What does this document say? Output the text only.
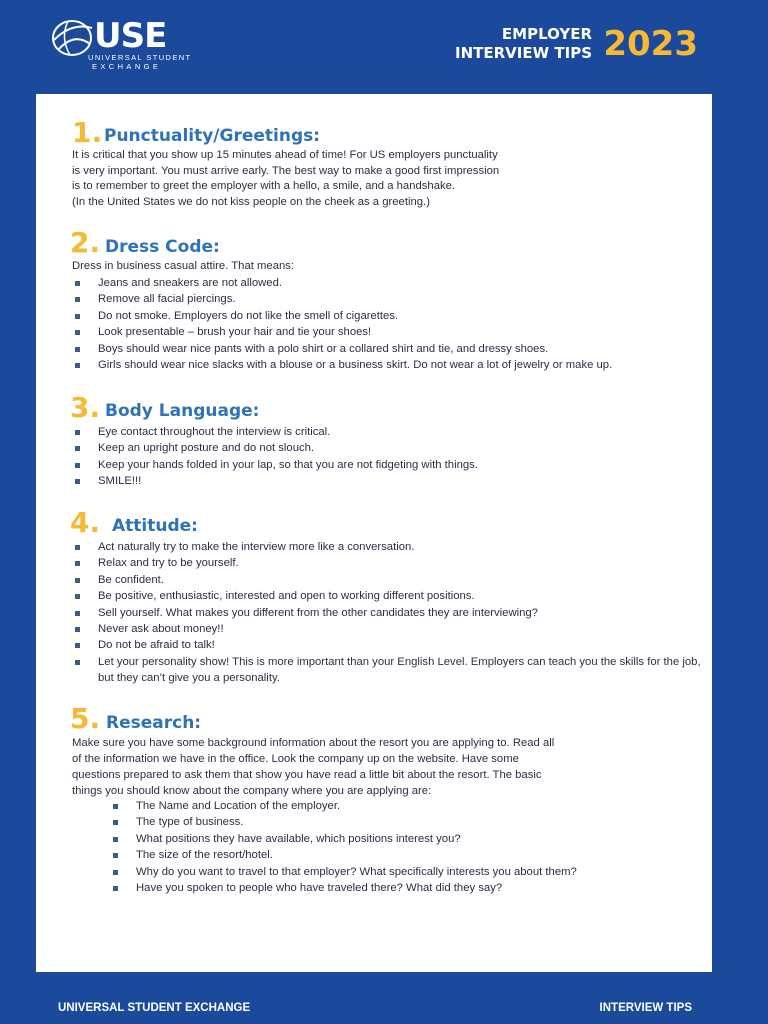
USE
UNIVERSAL STUDENT
EXCHANGE
EMPLOYER
INTERVIEW TIPS 2023
1. Punctuality/Greetings:
It is critical that you show up 15 minutes ahead of time! For US employers punctuality
is very important. You must arrive early. The best way to make a good first impression
is to remember to greet the employer with a hello, a smile, and a handshake.
(In the United States we do not kiss people on the cheek as a greeting.)
2. Dress Code:
Dress in business casual attire. That means:
Jeans and sneakers are not allowed.
Remove all facial piercings.
Do not smoke. Employers do not like the smell of cigarettes.
Look presentable – brush your hair and tie your shoes!
Boys should wear nice pants with a polo shirt or a collared shirt and tie, and dressy shoes.
Girls should wear nice slacks with a blouse or a business skirt. Do not wear a lot of jewelry or make up.
3. Body Language:
Eye contact throughout the interview is critical.
Keep an upright posture and do not slouch.
Keep your hands folded in your lap, so that you are not fidgeting with things.
SMILE!!!
4. Attitude:
Act naturally try to make the interview more like a conversation.
Relax and try to be yourself.
Be confident.
Be positive, enthusiastic, interested and open to working different positions.
Sell yourself. What makes you different from the other candidates they are interviewing?
Never ask about money!!
Do not be afraid to talk!
Let your personality show! This is more important than your English Level. Employers can teach you the skills for the job, but they can’t give you a personality.
5. Research:
Make sure you have some background information about the resort you are applying to. Read all
of the information we have in the office. Look the company up on the website. Have some
questions prepared to ask them that show you have read a little bit about the resort. The basic
things you should know about the company where you are applying are:
The Name and Location of the employer.
The type of business.
What positions they have available, which positions interest you?
The size of the resort/hotel.
Why do you want to travel to that employer? What specifically interests you about them?
Have you spoken to people who have traveled there? What did they say?
UNIVERSAL STUDENT EXCHANGE	INTERVIEW TIPS
